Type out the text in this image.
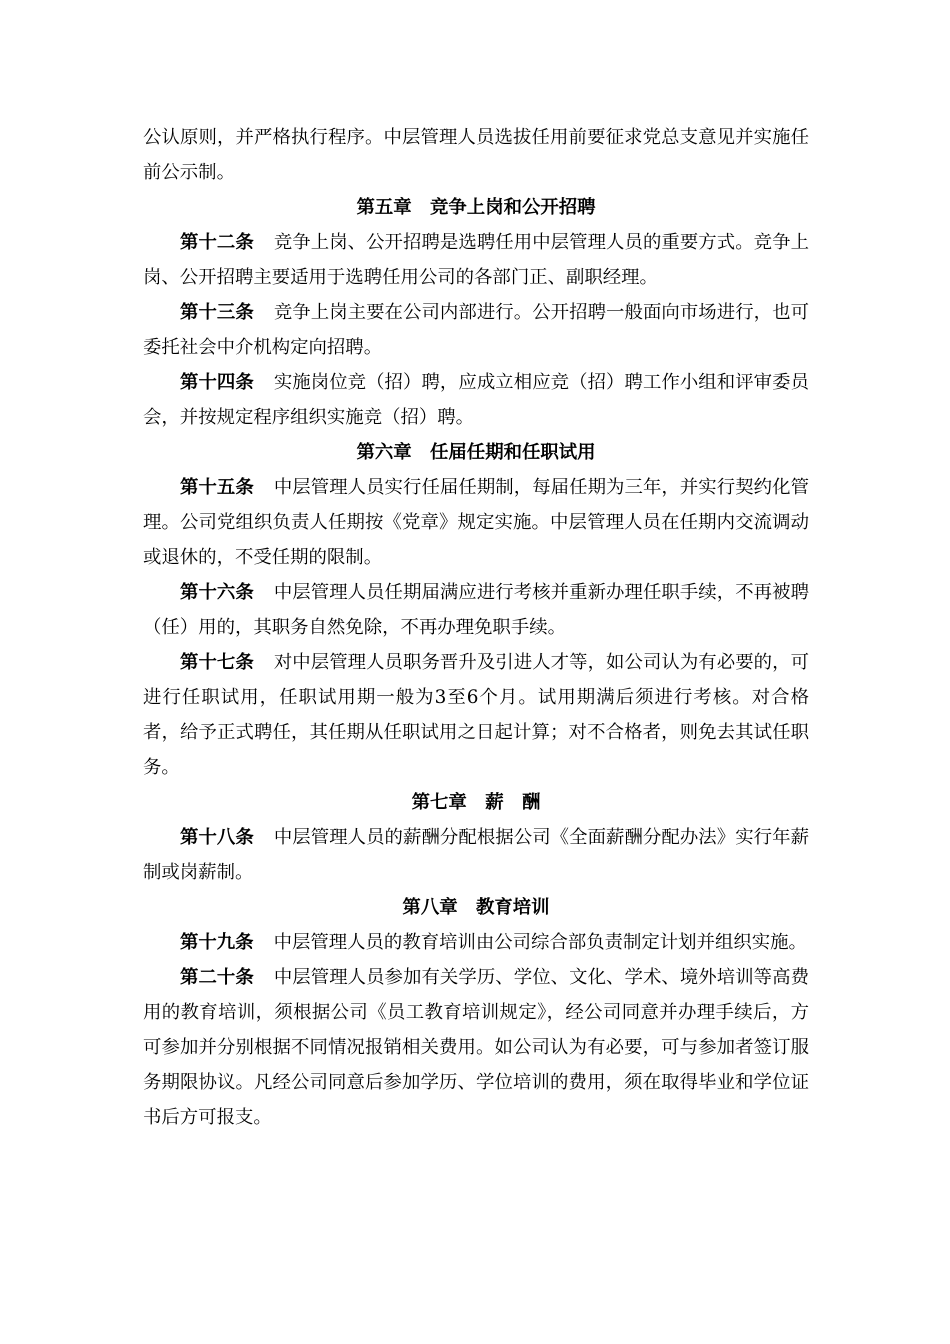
公认原则，并严格执行程序。中层管理人员选拔任用前要征求党总支意见并实施任前公示制。

第五章　竞争上岗和公开招聘

第十二条 竞争上岗、公开招聘是选聘任用中层管理人员的重要方式。竞争上岗、公开招聘主要适用于选聘任用公司的各部门正、副职经理。

第十三条 竞争上岗主要在公司内部进行。公开招聘一般面向市场进行，也可委托社会中介机构定向招聘。

第十四条 实施岗位竞（招）聘，应成立相应竞（招）聘工作小组和评审委员会，并按规定程序组织实施竞（招）聘。

第六章　任届任期和任职试用

第十五条 中层管理人员实行任届任期制，每届任期为三年，并实行契约化管理。公司党组织负责人任期按《党章》规定实施。中层管理人员在任期内交流调动或退休的，不受任期的限制。

第十六条 中层管理人员任期届满应进行考核并重新办理任职手续，不再被聘（任）用的，其职务自然免除，不再办理免职手续。

第十七条 对中层管理人员职务晋升及引进人才等，如公司认为有必要的，可进行任职试用，任职试用期一般为3至6个月。试用期满后须进行考核。对合格者，给予正式聘任，其任期从任职试用之日起计算；对不合格者，则免去其试任职务。

第七章　薪　酬

第十八条 中层管理人员的薪酬分配根据公司《全面薪酬分配办法》实行年薪制或岗薪制。

第八章　教育培训

第十九条 中层管理人员的教育培训由公司综合部负责制定计划并组织实施。

第二十条 中层管理人员参加有关学历、学位、文化、学术、境外培训等高费用的教育培训，须根据公司《员工教育培训规定》，经公司同意并办理手续后，方可参加并分别根据不同情况报销相关费用。如公司认为有必要，可与参加者签订服务期限协议。凡经公司同意后参加学历、学位培训的费用，须在取得毕业和学位证书后方可报支。
